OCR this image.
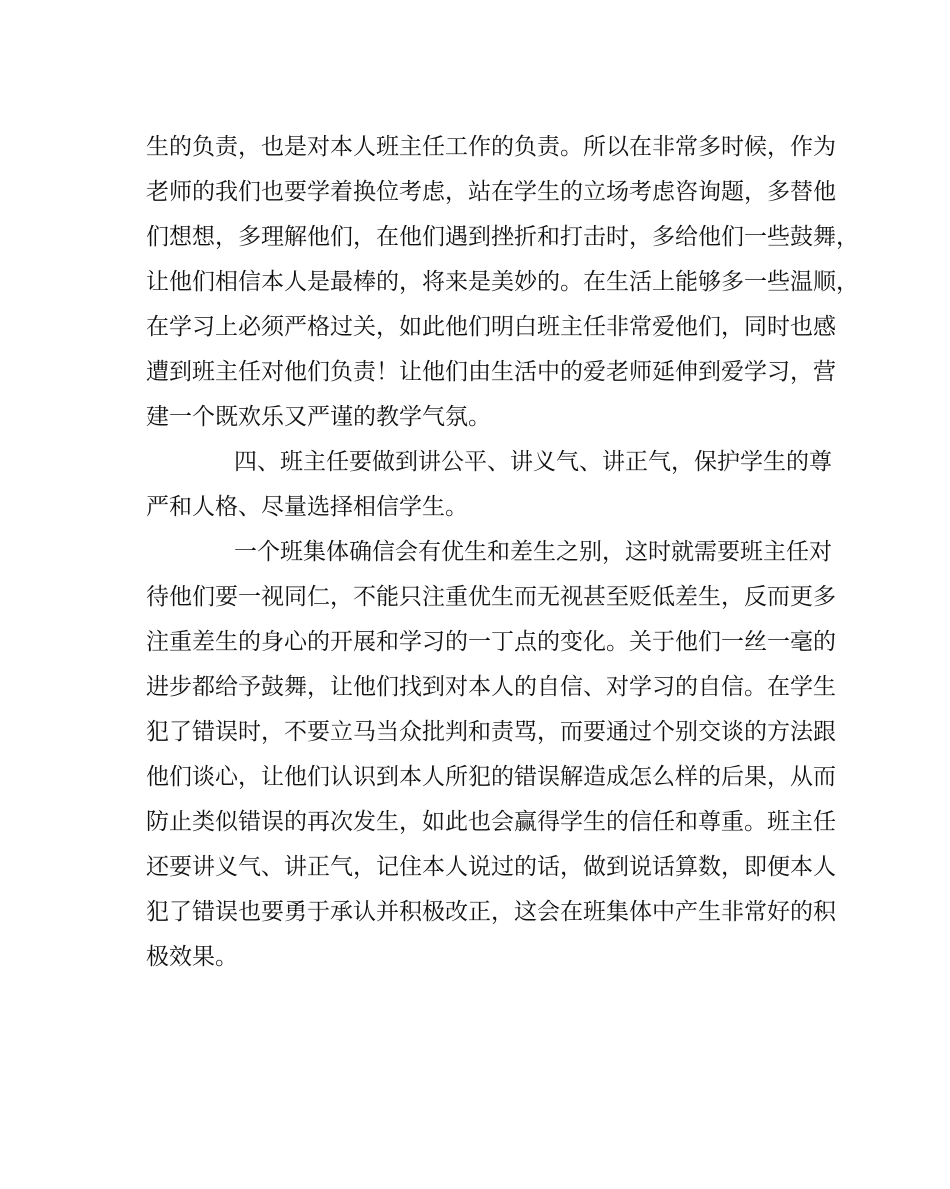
生的负责，也是对本人班主任工作的负责。所以在非常多时候，作为
老师的我们也要学着换位考虑，站在学生的立场考虑咨询题，多替他
们想想，多理解他们，在他们遇到挫折和打击时，多给他们一些鼓舞，
让他们相信本人是最棒的，将来是美妙的。在生活上能够多一些温顺，
在学习上必须严格过关，如此他们明白班主任非常爱他们，同时也感
遭到班主任对他们负责！让他们由生活中的爱老师延伸到爱学习，营
建一个既欢乐又严谨的教学气氛。
四、班主任要做到讲公平、讲义气、讲正气，保护学生的尊
严和人格、尽量选择相信学生。
一个班集体确信会有优生和差生之别，这时就需要班主任对
待他们要一视同仁，不能只注重优生而无视甚至贬低差生，反而更多
注重差生的身心的开展和学习的一丁点的变化。关于他们一丝一毫的
进步都给予鼓舞，让他们找到对本人的自信、对学习的自信。在学生
犯了错误时，不要立马当众批判和责骂，而要通过个别交谈的方法跟
他们谈心，让他们认识到本人所犯的错误解造成怎么样的后果，从而
防止类似错误的再次发生，如此也会赢得学生的信任和尊重。班主任
还要讲义气、讲正气，记住本人说过的话，做到说话算数，即便本人
犯了错误也要勇于承认并积极改正，这会在班集体中产生非常好的积
极效果。
